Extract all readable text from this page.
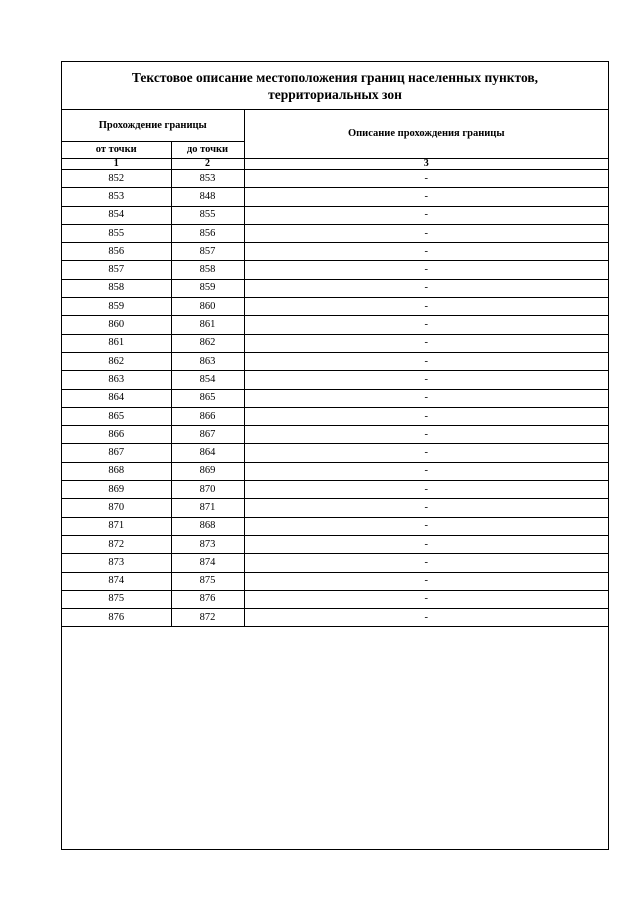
Текстовое описание местоположения границ населенных пунктов,
территориальных зон
Прохождение границы		Описание прохождения границы
от точки	до точки	
1	2	3
852	853	-
853	848	-
854	855	-
855	856	-
856	857	-
857	858	-
858	859	-
859	860	-
860	861	-
861	862	-
862	863	-
863	854	-
864	865	-
865	866	-
866	867	-
867	864	-
868	869	-
869	870	-
870	871	-
871	868	-
872	873	-
873	874	-
874	875	-
875	876	-
876	872	-
